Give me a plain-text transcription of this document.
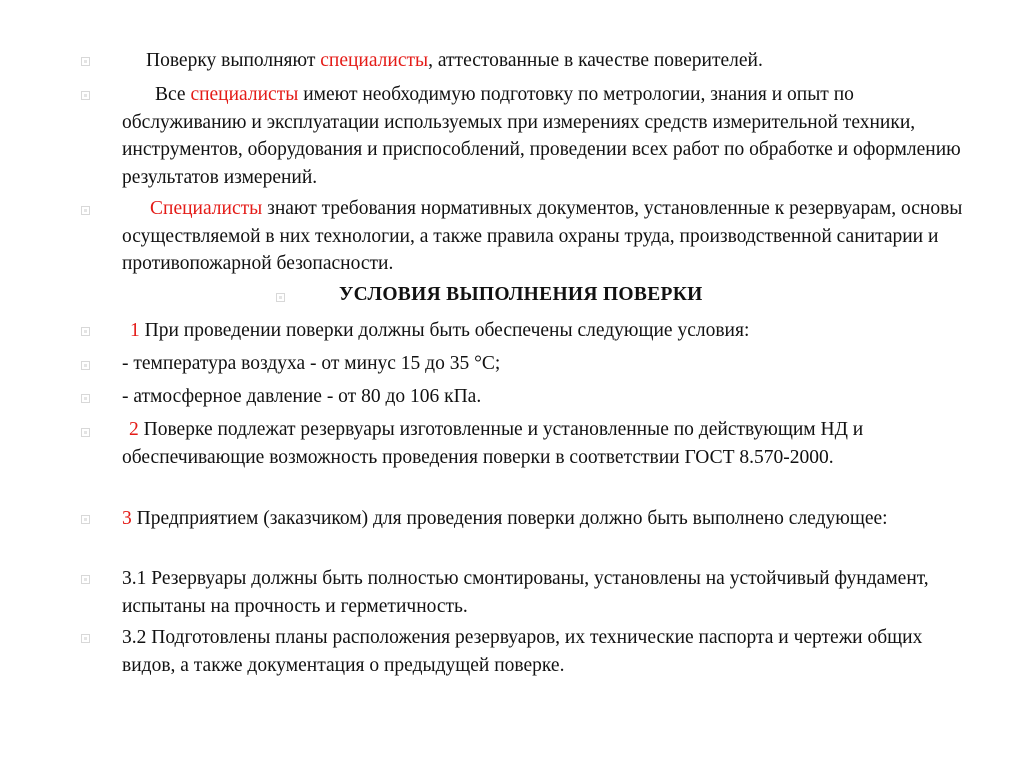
Поверку выполняют специалисты, аттестованные в качестве поверителей.
Все специалисты имеют необходимую подготовку по метрологии, знания и опыт по обслуживанию и эксплуатации используемых при измерениях средств измерительной техники, инструментов, оборудования и приспособлений, проведении всех работ по обработке и оформлению результатов измерений.
Специалисты знают требования нормативных документов, установленные к резервуарам, основы осуществляемой в них технологии, а также правила охраны труда, производственной санитарии и противопожарной безопасности.
УСЛОВИЯ ВЫПОЛНЕНИЯ ПОВЕРКИ
1 При проведении поверки должны быть обеспечены следующие условия:
- температура воздуха - от минус 15 до 35 °С;
- атмосферное давление - от 80 до 106 кПа.
2 Поверке подлежат резервуары изготовленные и установленные по действующим НД и обеспечивающие возможность проведения поверки в соответствии ГОСТ 8.570-2000.
3 Предприятием (заказчиком) для проведения поверки должно быть выполнено следующее:
3.1 Резервуары должны быть полностью смонтированы, установлены на устойчивый фундамент, испытаны на прочность и герметичность.
3.2 Подготовлены планы расположения резервуаров, их технические паспорта и чертежи общих видов, а также документация о предыдущей поверке.
